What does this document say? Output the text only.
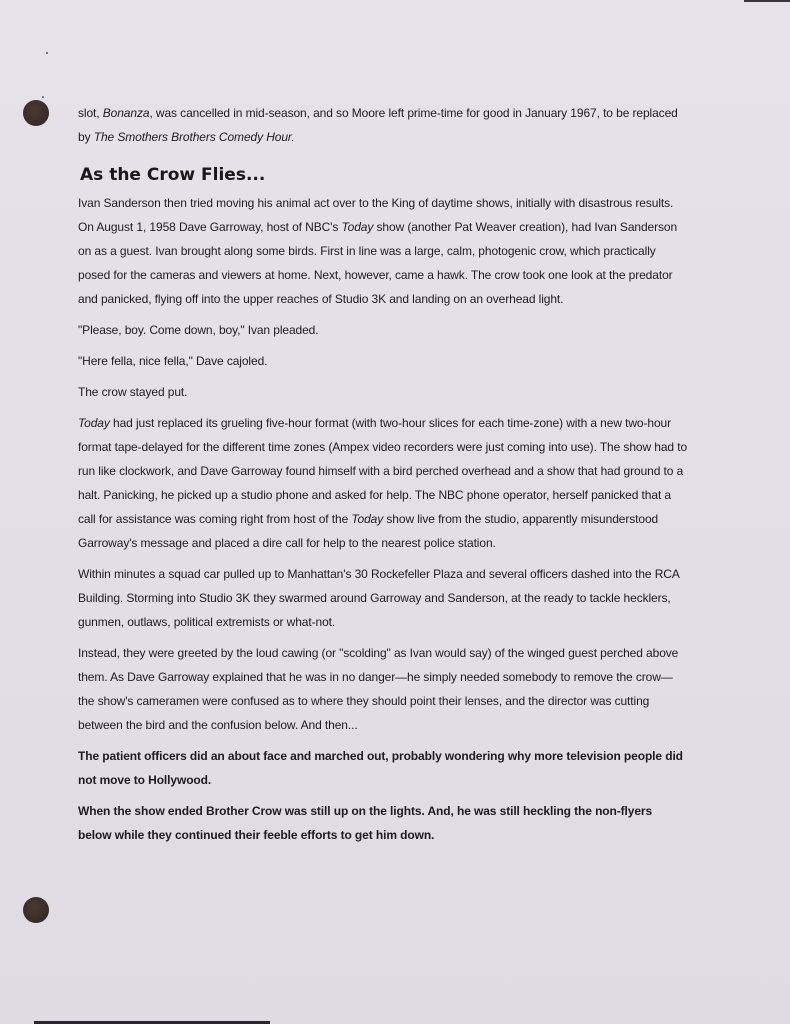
slot, Bonanza, was cancelled in mid-season, and so Moore left prime-time for good in January 1967, to be replaced by The Smothers Brothers Comedy Hour.

As the Crow Flies...

Ivan Sanderson then tried moving his animal act over to the King of daytime shows, initially with disastrous results. On August 1, 1958 Dave Garroway, host of NBC's Today show (another Pat Weaver creation), had Ivan Sanderson on as a guest. Ivan brought along some birds. First in line was a large, calm, photogenic crow, which practically posed for the cameras and viewers at home. Next, however, came a hawk. The crow took one look at the predator and panicked, flying off into the upper reaches of Studio 3K and landing on an overhead light.

"Please, boy. Come down, boy," Ivan pleaded.

"Here fella, nice fella," Dave cajoled.

The crow stayed put.

Today had just replaced its grueling five-hour format (with two-hour slices for each time-zone) with a new two-hour format tape-delayed for the different time zones (Ampex video recorders were just coming into use). The show had to run like clockwork, and Dave Garroway found himself with a bird perched overhead and a show that had ground to a halt. Panicking, he picked up a studio phone and asked for help. The NBC phone operator, herself panicked that a call for assistance was coming right from host of the Today show live from the studio, apparently misunderstood Garroway's message and placed a dire call for help to the nearest police station.

Within minutes a squad car pulled up to Manhattan's 30 Rockefeller Plaza and several officers dashed into the RCA Building. Storming into Studio 3K they swarmed around Garroway and Sanderson, at the ready to tackle hecklers, gunmen, outlaws, political extremists or what-not.

Instead, they were greeted by the loud cawing (or "scolding" as Ivan would say) of the winged guest perched above them. As Dave Garroway explained that he was in no danger—he simply needed somebody to remove the crow—the show's cameramen were confused as to where they should point their lenses, and the director was cutting between the bird and the confusion below. And then...

The patient officers did an about face and marched out, probably wondering why more television people did not move to Hollywood.

When the show ended Brother Crow was still up on the lights. And, he was still heckling the non-flyers below while they continued their feeble efforts to get him down.
